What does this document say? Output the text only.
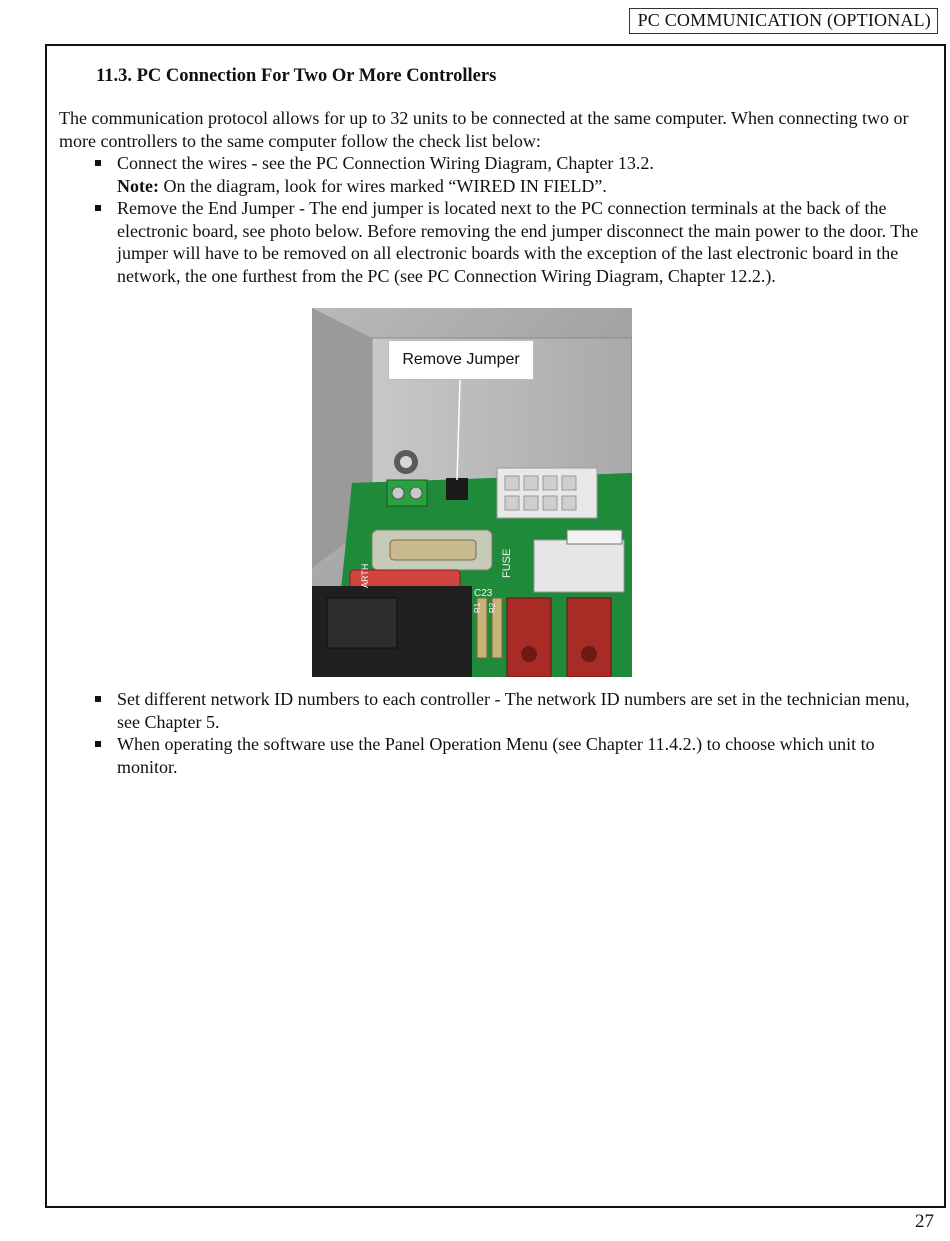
PC COMMUNICATION (OPTIONAL)
11.3. PC Connection For Two Or More Controllers

The communication protocol allows for up to 32 units to be connected at the same computer. When connecting two or more controllers to the same computer follow the check list below:

Connect the wires - see the PC Connection Wiring Diagram, Chapter 13.2.
Note: On the diagram, look for wires marked “WIRED IN FIELD”.
Remove the End Jumper - The end jumper is located next to the PC connection terminals at the back of the electronic board, see photo below. Before removing the end jumper disconnect the main power to the door. The jumper will have to be removed on all electronic boards with the exception of the last electronic board in the network, the one furthest from the PC (see PC Connection Wiring Diagram, Chapter 12.2.).
FUSE
C23
ARTH
R1 R2
Remove Jumper
Set different network ID numbers to each controller - The network ID numbers are set in the technician menu, see Chapter 5.
When operating the software use the Panel Operation Menu (see Chapter 11.4.2.) to choose which unit to monitor.
27
